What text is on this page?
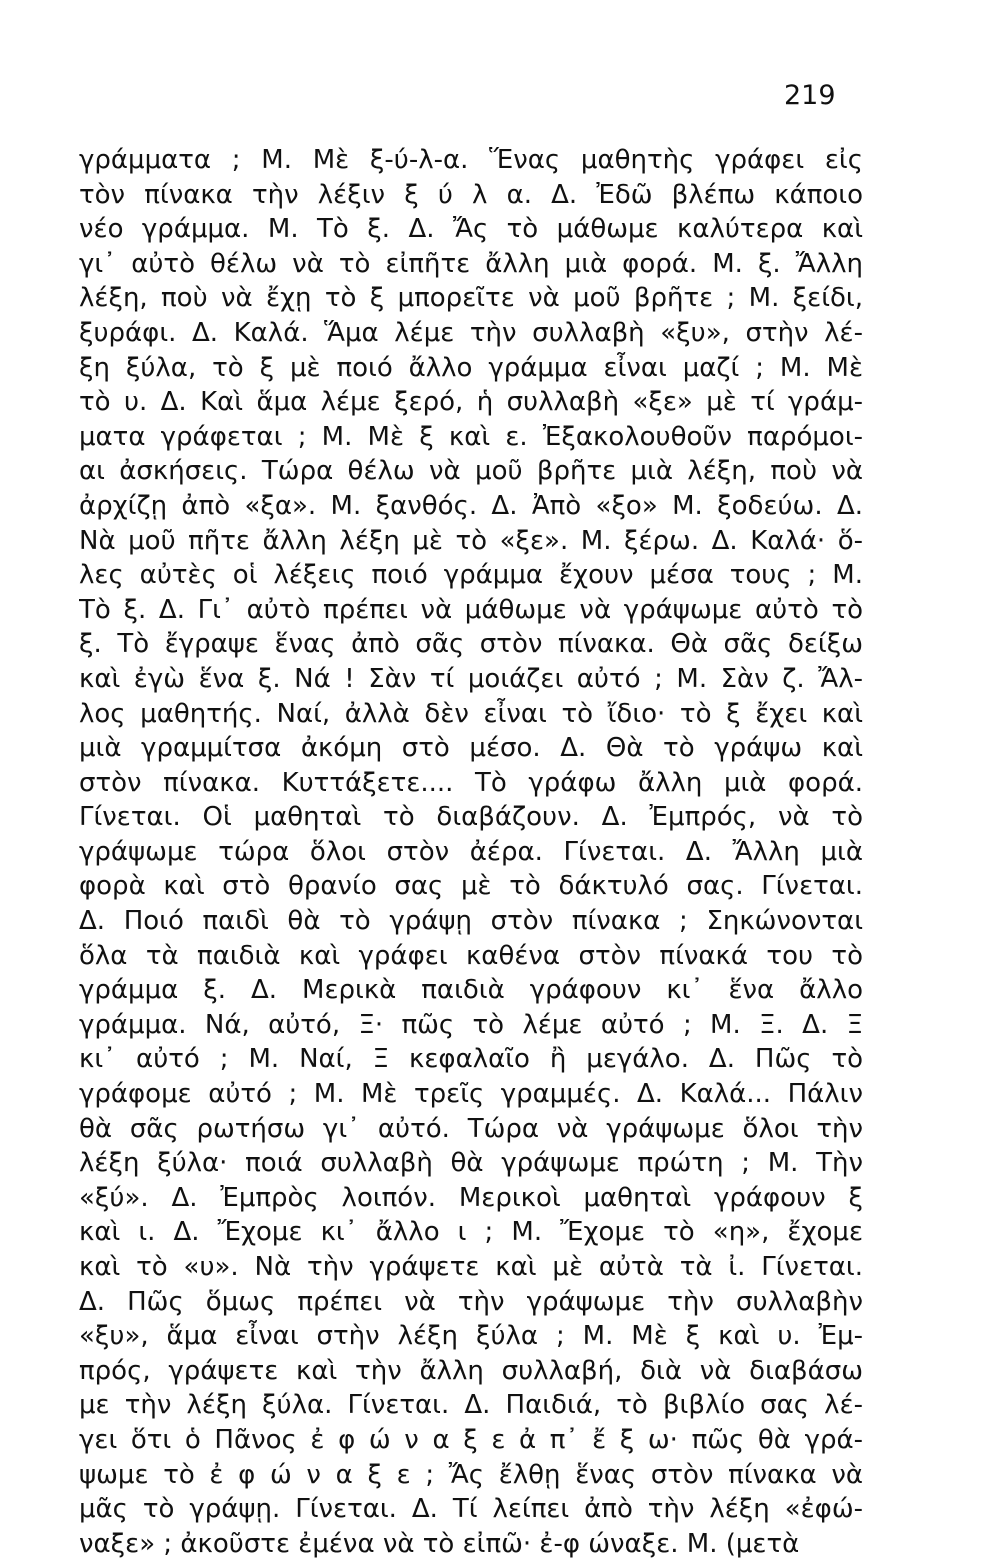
219
γράμματα ; Μ. Μὲ ξ-ύ-λ-α. Ἕνας μαθητὴς γράφει εἰς
τὸν πίνακα τὴν λέξιν ξ ύ λ α. Δ. Ἐδῶ βλέπω κάποιο
νέο γράμμα. Μ. Τὸ ξ. Δ. Ἄς τὸ μάθωμε καλύτερα καὶ
γι᾽ αὐτὸ θέλω νὰ τὸ εἰπῆτε ἄλλη μιὰ φορά. Μ. ξ. Ἄλλη
λέξη, ποὺ νὰ ἔχῃ τὸ ξ μπορεῖτε νὰ μοῦ βρῆτε ; Μ. ξείδι,
ξυράφι. Δ. Καλά. Ἅμα λέμε τὴν συλλαβὴ «ξυ», στὴν λέ-
ξη ξύλα, τὸ ξ μὲ ποιό ἄλλο γράμμα εἶναι μαζί ; Μ. Μὲ
τὸ υ. Δ. Καὶ ἅμα λέμε ξερό, ἡ συλλαβὴ «ξε» μὲ τί γράμ-
ματα γράφεται ; Μ. Μὲ ξ καὶ ε. Ἐξακολουθοῦν παρόμοι-
αι ἀσκήσεις. Τώρα θέλω νὰ μοῦ βρῆτε μιὰ λέξη, ποὺ νὰ
ἀρχίζῃ ἀπὸ «ξα». Μ. ξανθός. Δ. Ἀπὸ «ξο» Μ. ξοδεύω. Δ.
Νὰ μοῦ πῆτε ἄλλη λέξη μὲ τὸ «ξε». Μ. ξέρω. Δ. Καλά· ὅ-
λες αὐτὲς οἱ λέξεις ποιό γράμμα ἔχουν μέσα τους ; Μ.
Τὸ ξ. Δ. Γι᾽ αὐτὸ πρέπει νὰ μάθωμε νὰ γράψωμε αὐτὸ τὸ
ξ. Τὸ ἔγραψε ἕνας ἀπὸ σᾶς στὸν πίνακα. Θὰ σᾶς δείξω
καὶ ἐγὼ ἕνα ξ. Νά ! Σὰν τί μοιάζει αὐτό ; Μ. Σὰν ζ. Ἄλ-
λος μαθητής. Ναί, ἀλλὰ δὲν εἶναι τὸ ἴδιο· τὸ ξ ἔχει καὶ
μιὰ γραμμίτσα ἀκόμη στὸ μέσο. Δ. Θὰ τὸ γράψω καὶ
στὸν πίνακα. Κυττάξετε.... Τὸ γράφω ἄλλη μιὰ φορά.
Γίνεται. Οἱ μαθηταὶ τὸ διαβάζουν. Δ. Ἐμπρός, νὰ τὸ
γράψωμε τώρα ὅλοι στὸν ἀέρα. Γίνεται. Δ. Ἄλλη μιὰ
φορὰ καὶ στὸ θρανίο σας μὲ τὸ δάκτυλό σας. Γίνεται.
Δ. Ποιό παιδὶ θὰ τὸ γράψῃ στὸν πίνακα ; Σηκώνονται
ὅλα τὰ παιδιὰ καὶ γράφει καθένα στὸν πίνακά του τὸ
γράμμα ξ. Δ. Μερικὰ παιδιὰ γράφουν κι᾽ ἕνα ἄλλο
γράμμα. Νά, αὐτό, Ξ· πῶς τὸ λέμε αὐτό ; Μ. Ξ. Δ. Ξ
κι᾽ αὐτό ; Μ. Ναί, Ξ κεφαλαῖο ἢ μεγάλο. Δ. Πῶς τὸ
γράφομε αὐτό ; Μ. Μὲ τρεῖς γραμμές. Δ. Καλά... Πάλιν
θὰ σᾶς ρωτήσω γι᾽ αὐτό. Τώρα νὰ γράψωμε ὅλοι τὴν
λέξη ξύλα· ποιά συλλαβὴ θὰ γράψωμε πρώτη ; Μ. Τὴν
«ξύ». Δ. Ἐμπρὸς λοιπόν. Μερικοὶ μαθηταὶ γράφουν ξ
καὶ ι. Δ. Ἔχομε κι᾽ ἄλλο ι ; Μ. Ἔχομε τὸ «η», ἔχομε
καὶ τὸ «υ». Νὰ τὴν γράψετε καὶ μὲ αὐτὰ τὰ ἰ. Γίνεται.
Δ. Πῶς ὅμως πρέπει νὰ τὴν γράψωμε τὴν συλλαβὴν
«ξυ», ἅμα εἶναι στὴν λέξη ξύλα ; Μ. Μὲ ξ καὶ υ. Ἐμ-
πρός, γράψετε καὶ τὴν ἄλλη συλλαβή, διὰ νὰ διαβάσω
με τὴν λέξη ξύλα. Γίνεται. Δ. Παιδιά, τὸ βιβλίο σας λέ-
γει ὅτι ὁ Πᾶνος ἐ φ ώ ν α ξ ε ἀ π᾽ ἔ ξ ω· πῶς θὰ γρά-
ψωμε τὸ ἐ φ ώ ν α ξ ε ; Ἄς ἔλθῃ ἕνας στὸν πίνακα νὰ
μᾶς τὸ γράψῃ. Γίνεται. Δ. Τί λείπει ἀπὸ τὴν λέξη «ἐφώ-
ναξε» ; ἀκοῦστε ἐμένα νὰ τὸ εἰπῶ· ἐ-φ ώναξε. Μ. (μετὰ
